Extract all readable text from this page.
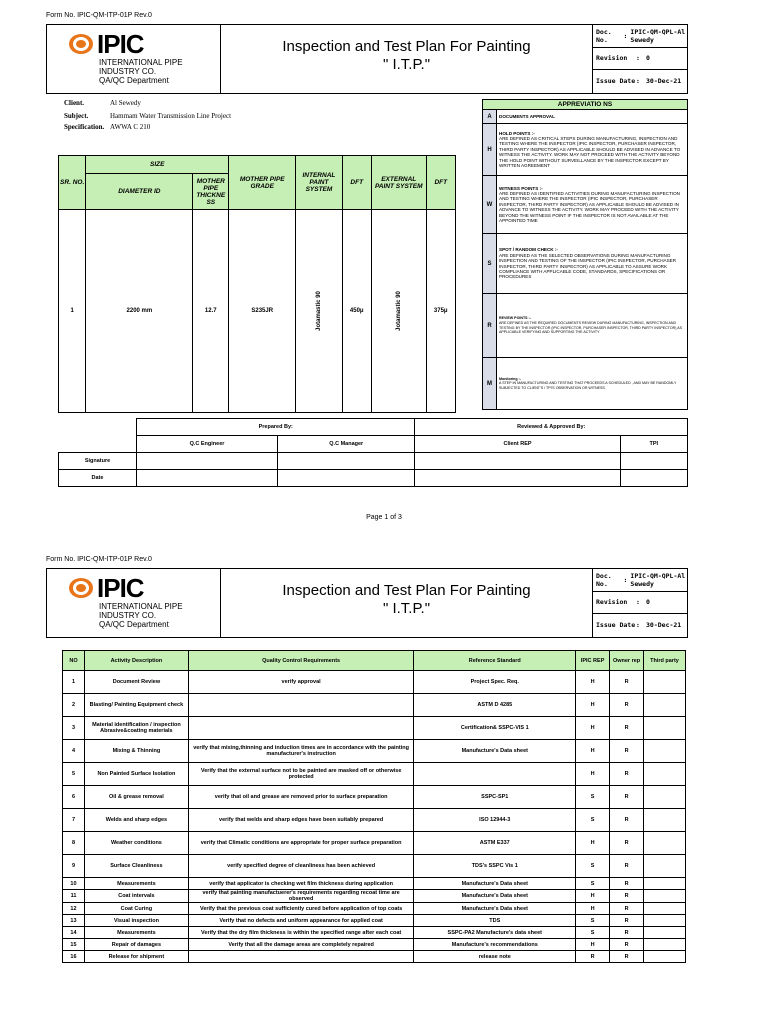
Form No. IPIC-QM-ITP-01P Rev.0
IPIC
INTERNATIONAL PIPE
INDUSTRY CO.
QA/QC Department
Inspection and Test Plan For Painting
" I.T.P."
Doc. No.	: IPIC-QM-QPL-Al Sewedy
Revision	: 0
Issue Date : 30-Dec-21
Client.	Al Sewedy
Subject.	Hammam Water Transmission Line Project
Specification. AWWA C 210
SR. NO.	SIZE		MOTHER PIPE GRADE	INTERNAL PAINT SYSTEM	DFT	EXTERNAL PAINT SYSTEM	DFT
	DIAMETER ID	MOTHER PIPE THICKNE SS					
1	2200 mm	12.7	S235JR	Jotamastic 90	450μ	Jotamastic 90	375μ
APPREVIATIO NS	
A	DOCUMENTS APPROVAL

H	HOLD POINTS :-
ARE DEFINED AS CRITICAL STEPS DURING MANUFACTURING, INSPECTION AND TESTING WHERE THE INSPECTOR (IPIC INSPECTOR, PURCHASER INSPECTOR, THIRD PARTY INSPECTOR) AS APPLICABLE SHOULD BE ADVISED IN ADVANCE TO WITNESS THE ACTIVITY. WORK MAY NOT PROCEED WITH THE ACTIVITY BEYOND THE HOLD POINT WITHOUT SURVEILLANCE BY THE INSPECTOR EXCEPT BY WRITTEN AGREEMENT
W	WITNESS POINTS :-
ARE DEFINED AS IDENTIFIED ACTIVITIES DURING MANUFACTURING INSPECTION AND TESTING WHERE THE INSPECTOR (IPIC INSPECTOR, PURCHASER INSPECTOR, THIRD PARTY INSPECTOR) AS APPLICABLE SHOULD BE ADVISED IN ADVANCE TO WITNESS THE ACTIVITY. WORK MAY PROCEED WITH THE ACTIVITY BEYOND THE WITNESS POINT IF THE INSPECTOR IS NOT AVAILABLE AT THE APPOINTED TIME
S	SPOT / RANDOM CHECK :-
ARE DEFINED AS THE SELECTED OBSERVATIONS DURING MANUFACTURING INSPECTION AND TESTING OF THE INSPECTOR (IPIC INSPECTOR, PURCHASER INSPECTOR, THIRD PARTY INSPECTOR) AS APPLICABLE TO ASSURE WORK COMPLIANCE WITH APPLICABLE CODE, STANDARDS, SPECIFICATIONS OR PROCEDURES
R	REVIEW POINTS :-
ARE DEFINED AS THE REQUIRED DOCUMENTS REVIEW DURING MANUFACTURING, INSPECTION AND TESTING BY THE INSPECTOR (IPIC INSPECTOR, PURCHASER INSPECTOR, THIRD PARTY INSPECTOR) AS APPLICABLE VERIFYING AND SUPPORTING THE ACTIVITY
M	Monitoring :-
A STEP IN MANUFACTURING AND TESTING THAT PROCEEDS A SCHEDULED , AND MAY BE RANDOMLY SUBJECTED TO CLIENT'S / TPI'S OBSERVATION OR WITNESS.
	Prepared By:		Reviewed & Approved By:	
	Q.C Engineer	Q.C Manager	Client REP	TPI
Signature				
Date				
Page 1 of 3
Form No. IPIC-QM-ITP-01P Rev.0
IPIC
INTERNATIONAL PIPE
INDUSTRY CO.
QA/QC Department
Inspection and Test Plan For Painting
" I.T.P."
Doc. No.	: IPIC-QM-QPL-Al Sewedy
Revision	: 0
Issue Date : 30-Dec-21
NO	Activity Description	Quality Control Requirements	Reference Standard	IPIC REP	Owner rep	Third party
1	Document Review	verify approval	Project Spec. Req.	H	R	
2	Blasting/ Painting Equipment check		ASTM D 4285	H	R	
3	Material identification / inspection Abrasive&coating materials		Certification& SSPC-VIS 1	H	R	
4	Mixing & Thinning	verify that mixing,thinning and induction times are in accordance with the painting manufacturer's instruction	Manufacture's Data sheet	H	R	
5	Non Painted Surface Isolation	Verify that the external surface not to be painted are masked off or otherwise protected		H	R	
6	Oil & grease removal	verify that oil and grease are removed prior to surface preparation	SSPC-SP1	S	R	
7	Welds and sharp edges	verify that welds and sharp edges have been suitably prepared	ISO 12944-3	S	R	
8	Weather conditions	verify that Climatic conditions are appropriate for proper surface preparation	ASTM E337	H	R	
9	Surface Cleanliness	verify specified degree of cleanliness has been achieved	TDS's SSPC Vis 1	S	R	
10	Measurements	verify that applicator is checking wet film thickness during application	Manufacture's Data sheet	S	R	
11	Coat intervals	verify that painting manufactuerer's requirements regarding recoat time are observed	Manufacture's Data sheet	H	R	
12	Coat Curing	Verify that the previous coat sufficiently cured before application of top coats	Manufacture's Data sheet	H	R	
13	Visual inspection	Verify that no defects and uniform appearance for applied coat	TDS	S	R	
14	Measurements	Verify that the dry film thickness is within the specified range after each coat	SSPC-PA2 Manufacture's data sheet	S	R	
15	Repair of damages	Verify that all the damage areas are completely repaired	Manufacture's recommendations	H	R	
16	Release for shipment		release note	R	R	
